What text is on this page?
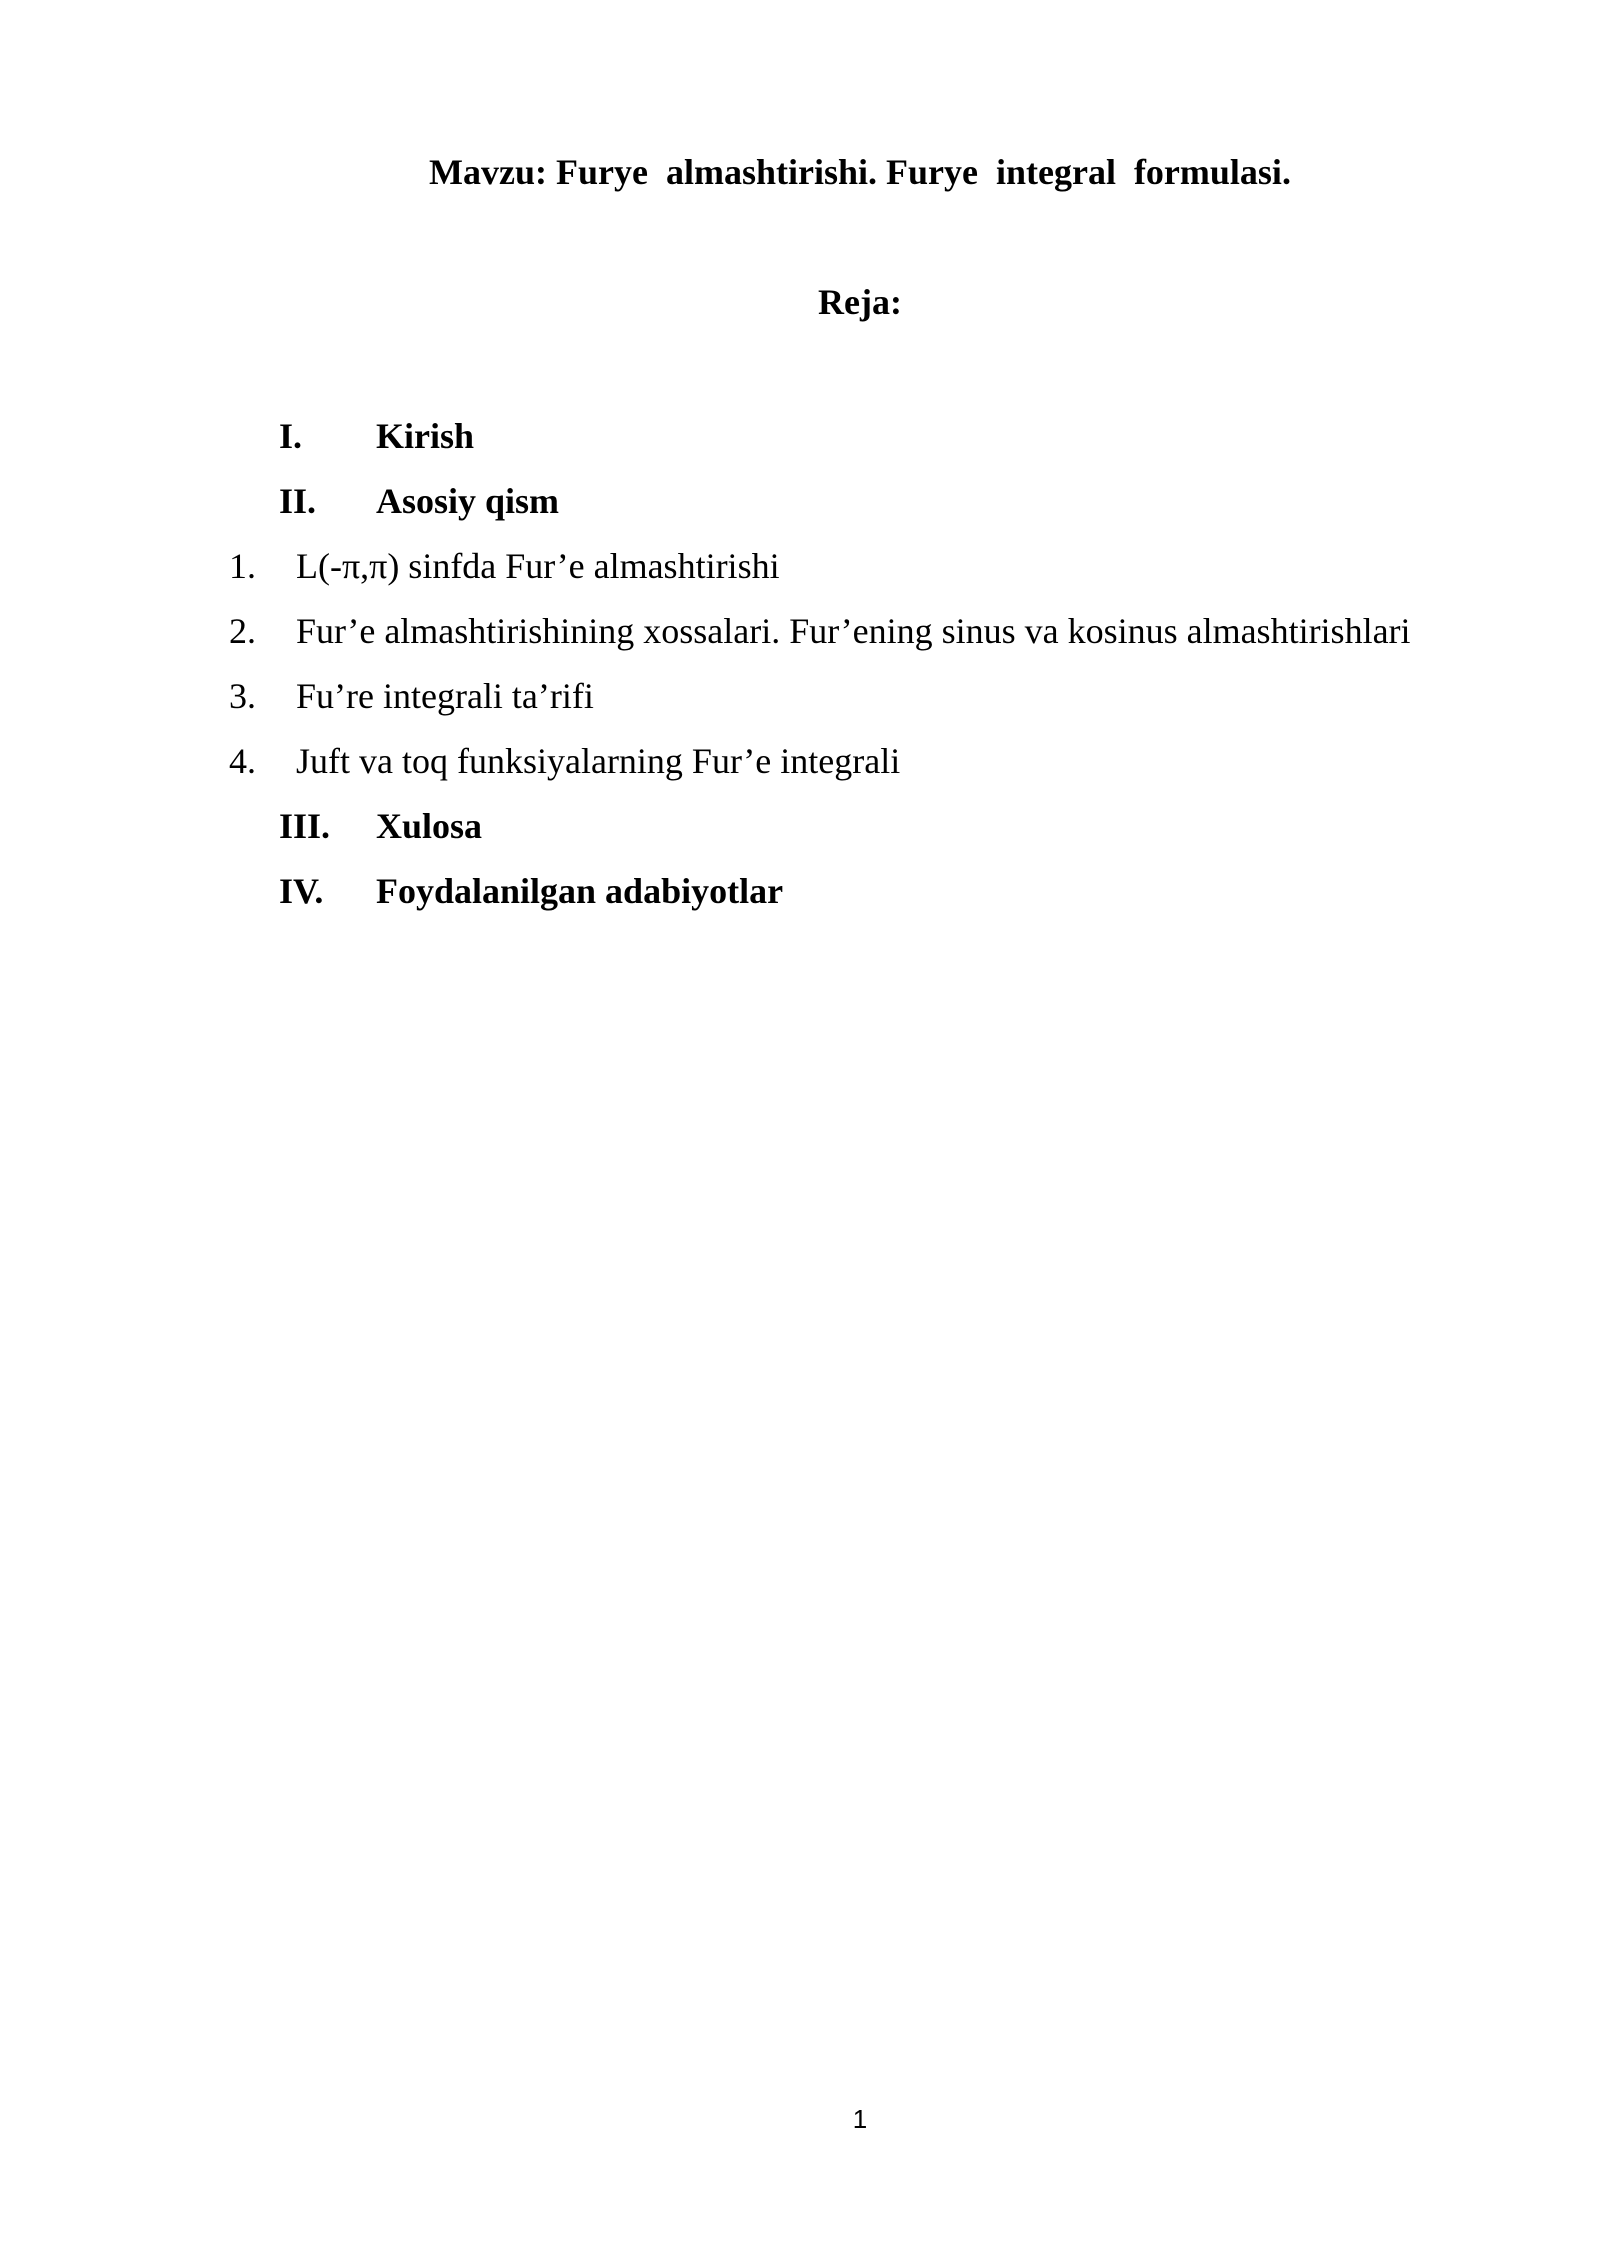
Mavzu: Furye  almashtirishi. Furye  integral  formulasi.
Reja:
I. Kirish
II. Asosiy qism
1. L(-π,π) sinfda Fur’e almashtirishi
2. Fur’e almashtirishining xossalari. Fur’ening sinus va kosinus almashtirishlari
3. Fu’re integrali ta’rifi
4. Juft va toq funksiyalarning Fur’e integrali
III. Xulosa
IV. Foydalanilgan adabiyotlar
1
